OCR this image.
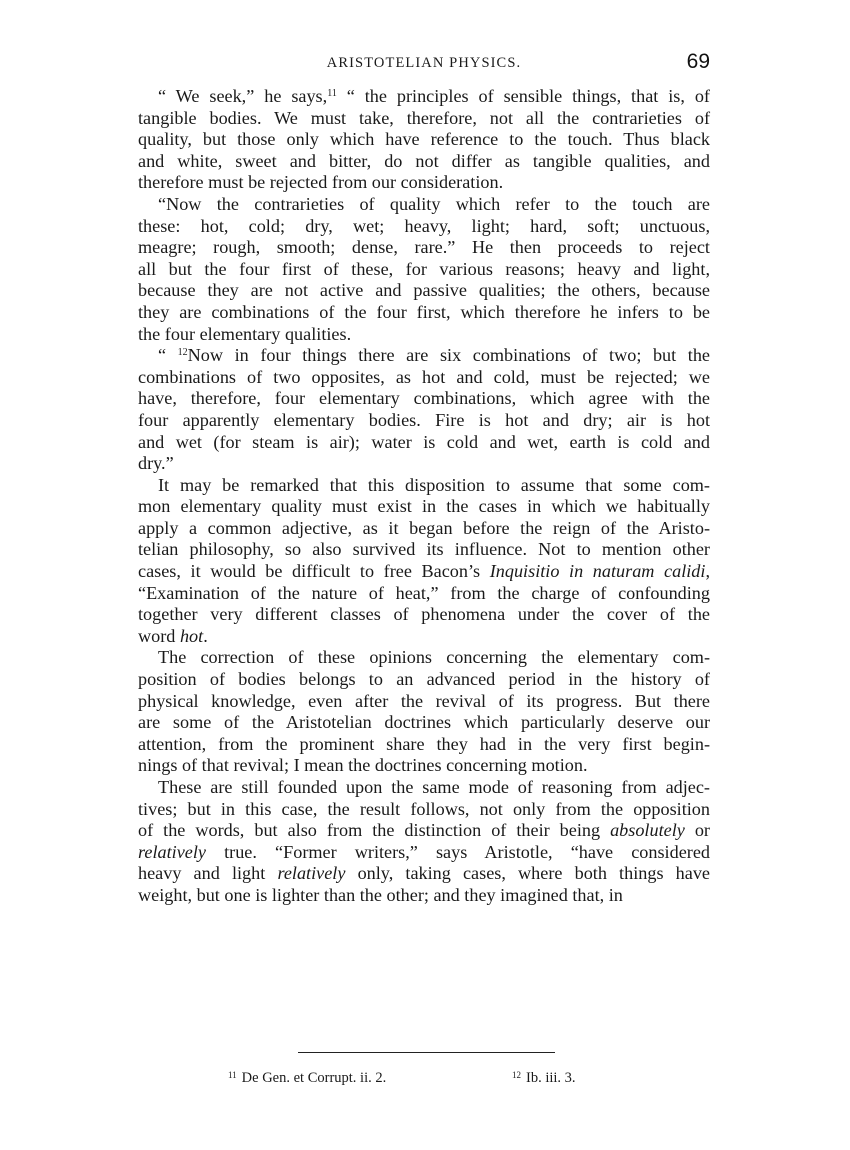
ARISTOTELIAN PHYSICS.	69
“ We seek,” he says,$^{11}$ “ the principles of sensible things, that is, of
tangible bodies. We must take, therefore, not all the contrarieties of
quality, but those only which have reference to the touch. Thus black
and white, sweet and bitter, do not differ as tangible qualities, and
therefore must be rejected from our consideration.
“Now the contrarieties of quality which refer to the touch are
these: hot, cold; dry, wet; heavy, light; hard, soft; unctuous,
meagre; rough, smooth; dense, rare.” He then proceeds to reject
all but the four first of these, for various reasons; heavy and light,
because they are not active and passive qualities; the others, because
they are combinations of the four first, which therefore he infers to be
the four elementary qualities.
“ $^{12}$Now in four things there are six combinations of two; but the
combinations of two opposites, as hot and cold, must be rejected; we
have, therefore, four elementary combinations, which agree with the
four apparently elementary bodies. Fire is hot and dry; air is hot
and wet (for steam is air); water is cold and wet, earth is cold and
dry.”
It may be remarked that this disposition to assume that some com-
mon elementary quality must exist in the cases in which we habitually
apply a common adjective, as it began before the reign of the Aristo-
telian philosophy, so also survived its influence. Not to mention other
cases, it would be difficult to free Bacon’s Inquisitio in naturam calidi,
“Examination of the nature of heat,” from the charge of confounding
together very different classes of phenomena under the cover of the
word hot.
The correction of these opinions concerning the elementary com-
position of bodies belongs to an advanced period in the history of
physical knowledge, even after the revival of its progress. But there
are some of the Aristotelian doctrines which particularly deserve our
attention, from the prominent share they had in the very first begin-
nings of that revival; I mean the doctrines concerning motion.
These are still founded upon the same mode of reasoning from adjec-
tives; but in this case, the result follows, not only from the opposition
of the words, but also from the distinction of their being absolutely or
relatively true. “Former writers,” says Aristotle, “have considered
heavy and light relatively only, taking cases, where both things have
weight, but one is lighter than the other; and they imagined that, in
$^{11}$ De Gen. et Corrupt. ii. 2.	$^{12}$ Ib. iii. 3.
